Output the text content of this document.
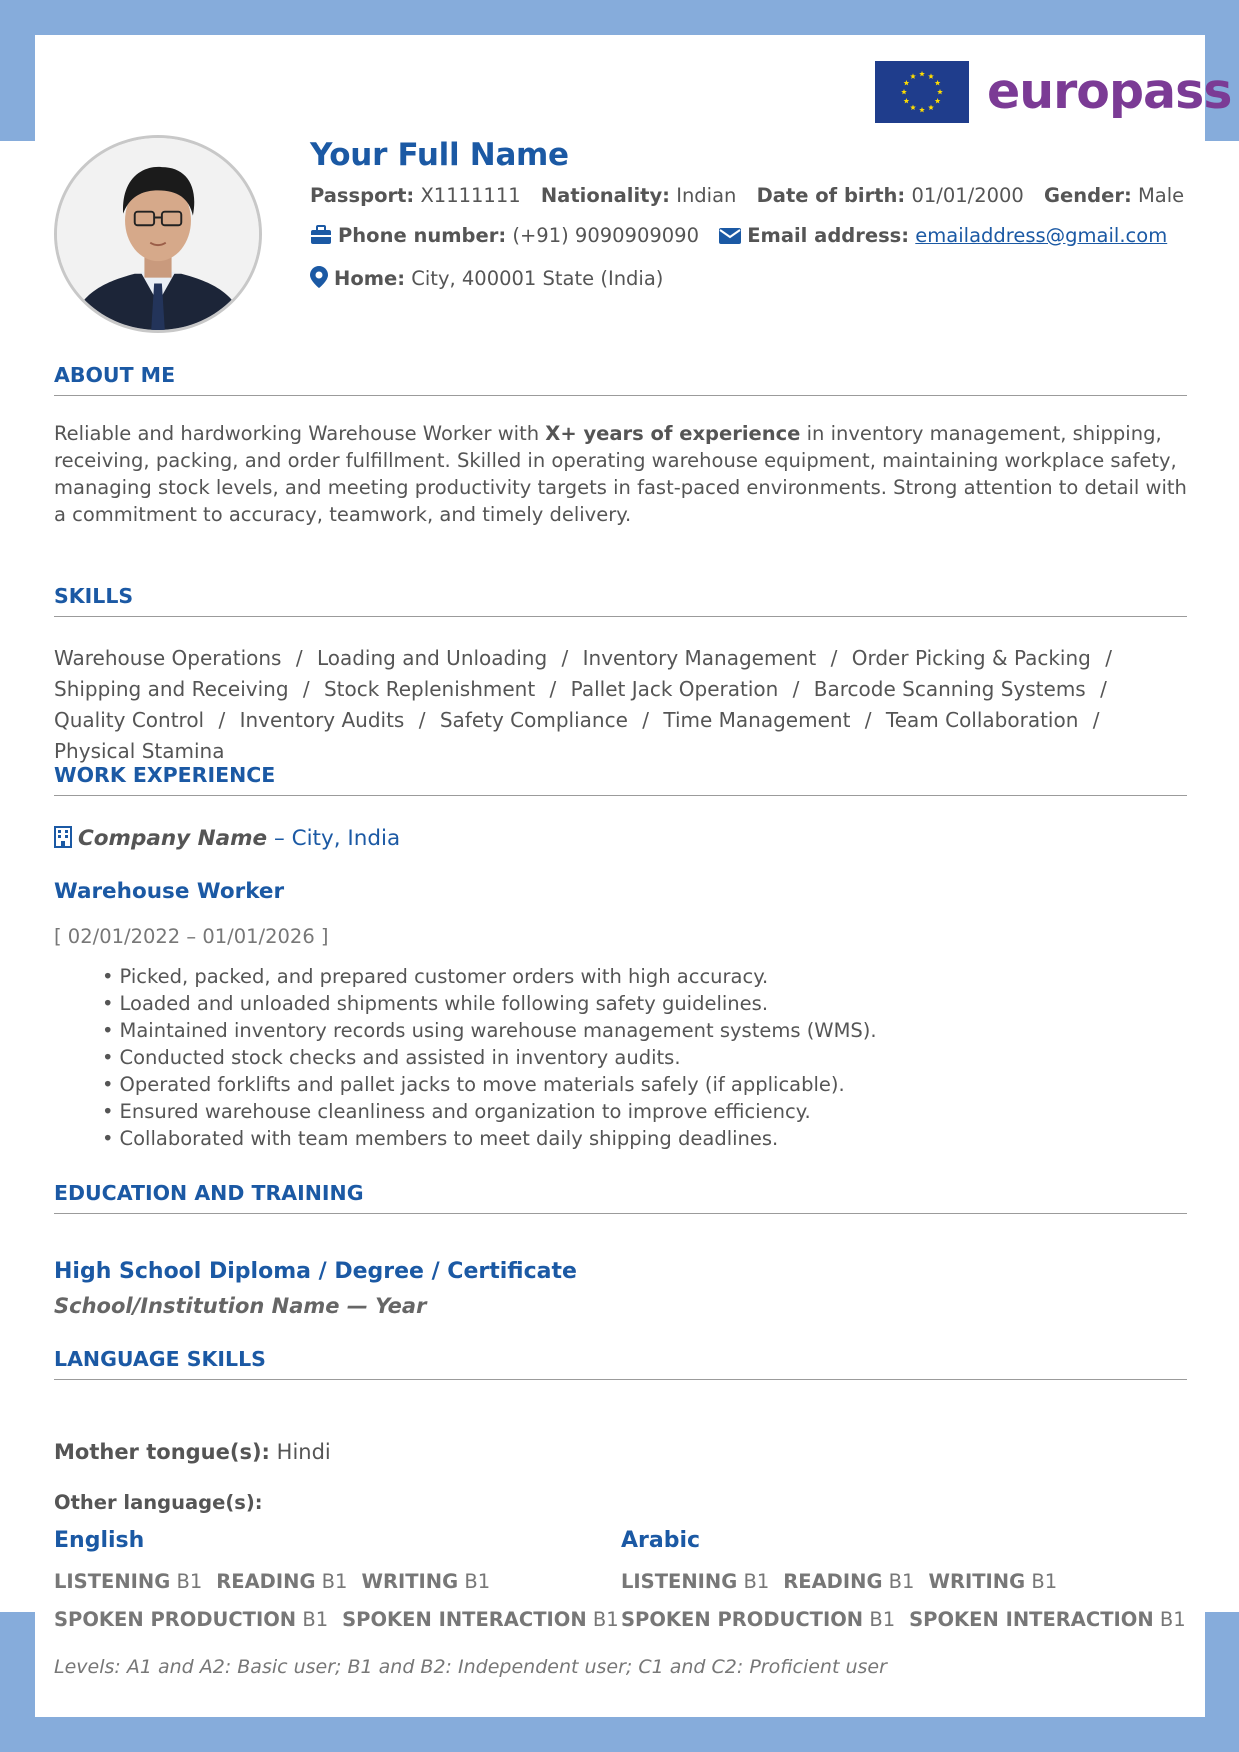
europass
Your Full Name
Passport: X1111111 Nationality: Indian Date of birth: 01/01/2000 Gender: Male
Phone number: (+91) 9090909090 Email address: emailaddress@gmail.com
Home: City, 400001 State (India)
ABOUT ME
Reliable and hardworking Warehouse Worker with X+ years of experience in inventory management, shipping, receiving, packing, and order fulfillment. Skilled in operating warehouse equipment, maintaining workplace safety, managing stock levels, and meeting productivity targets in fast-paced environments. Strong attention to detail with a commitment to accuracy, teamwork, and timely delivery.
SKILLS
Warehouse Operations / Loading and Unloading / Inventory Management / Order Picking & Packing / Shipping and Receiving / Stock Replenishment / Pallet Jack Operation / Barcode Scanning Systems / Quality Control / Inventory Audits / Safety Compliance / Time Management / Team Collaboration / Physical Stamina
WORK EXPERIENCE
Company Name – City, India
Warehouse Worker
[ 02/01/2022 – 01/01/2026 ]
• Picked, packed, and prepared customer orders with high accuracy.
• Loaded and unloaded shipments while following safety guidelines.
• Maintained inventory records using warehouse management systems (WMS).
• Conducted stock checks and assisted in inventory audits.
• Operated forklifts and pallet jacks to move materials safely (if applicable).
• Ensured warehouse cleanliness and organization to improve efficiency.
• Collaborated with team members to meet daily shipping deadlines.
EDUCATION AND TRAINING
High School Diploma / Degree / Certificate
School/Institution Name — Year
LANGUAGE SKILLS
Mother tongue(s): Hindi
Other language(s):
English
LISTENING B1 READING B1 WRITING B1
SPOKEN PRODUCTION B1 SPOKEN INTERACTION B1
Arabic
LISTENING B1 READING B1 WRITING B1
SPOKEN PRODUCTION B1 SPOKEN INTERACTION B1
Levels: A1 and A2: Basic user; B1 and B2: Independent user; C1 and C2: Proficient user
